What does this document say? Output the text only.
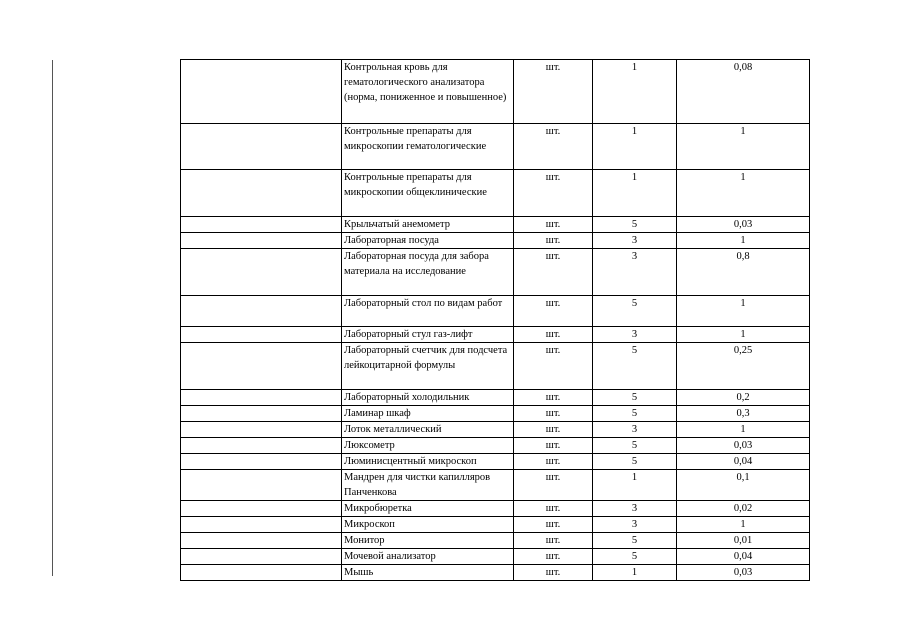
	Контрольная кровь для гематологического анализатора (норма, пониженное и повышенное)	шт.	1	0,08
	Контрольные препараты для микроскопии гематологические	шт.	1	1
	Контрольные препараты для микроскопии общеклинические	шт.	1	1
	Крыльчатый анемометр	шт.	5	0,03
	Лабораторная посуда	шт.	3	1
	Лабораторная посуда для забора материала на исследование	шт.	3	0,8
	Лабораторный стол по видам работ	шт.	5	1
	Лабораторный стул газ-лифт	шт.	3	1
	Лабораторный счетчик для подсчета лейкоцитарной формулы	шт.	5	0,25
	Лабораторный холодильник	шт.	5	0,2
	Ламинар шкаф	шт.	5	0,3
	Лоток металлический	шт.	3	1
	Люксометр	шт.	5	0,03
	Люминисцентный микроскоп	шт.	5	0,04
	Мандрен для чистки капилляров Панченкова	шт.	1	0,1
	Микробюретка	шт.	3	0,02
	Микроскоп	шт.	3	1
	Монитор	шт.	5	0,01
	Мочевой анализатор	шт.	5	0,04
	Мышь	шт.	1	0,03
